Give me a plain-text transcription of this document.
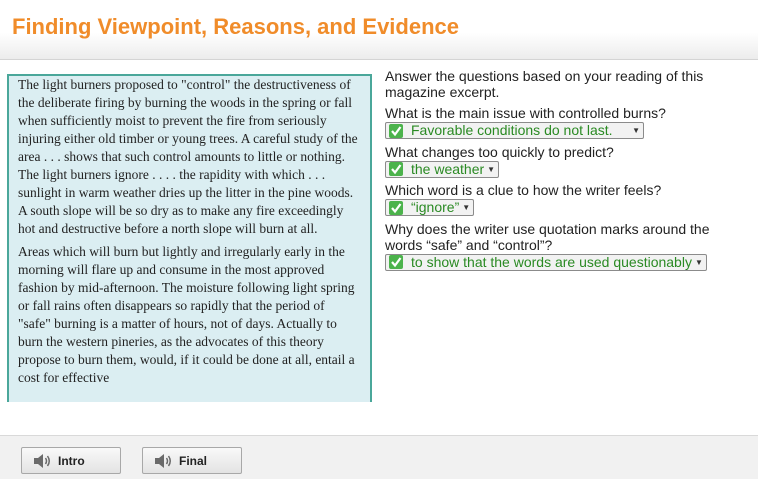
Finding Viewpoint, Reasons, and Evidence

The light burners proposed to "control" the destructiveness of the deliberate firing by burning the woods in the spring or fall when sufficiently moist to prevent the fire from seriously injuring either old timber or young trees. A careful study of the area . . . shows that such control amounts to little or nothing. The light burners ignore . . . . the rapidity with which . . . sunlight in warm weather dries up the litter in the pine woods. A south slope will be so dry as to make any fire exceedingly hot and destructive before a north slope will burn at all.

Areas which will burn but lightly and irregularly early in the morning will flare up and consume in the most approved fashion by mid-afternoon. The moisture following light spring or fall rains often disappears so rapidly that the period of "safe" burning is a matter of hours, not of days. Actually to burn the western pineries, as the advocates of this theory propose to burn them, would, if it could be done at all, entail a cost for effective

Answer the questions based on your reading of this magazine excerpt.
What is the main issue with controlled burns?
Favorable conditions do not last.	▼
What changes too quickly to predict?
the weather ▼
Which word is a clue to how the writer feels?
“ignore” ▼
Why does the writer use quotation marks around the words “safe” and “control”?
to show that the words are used questionably ▼
Intro	Final
